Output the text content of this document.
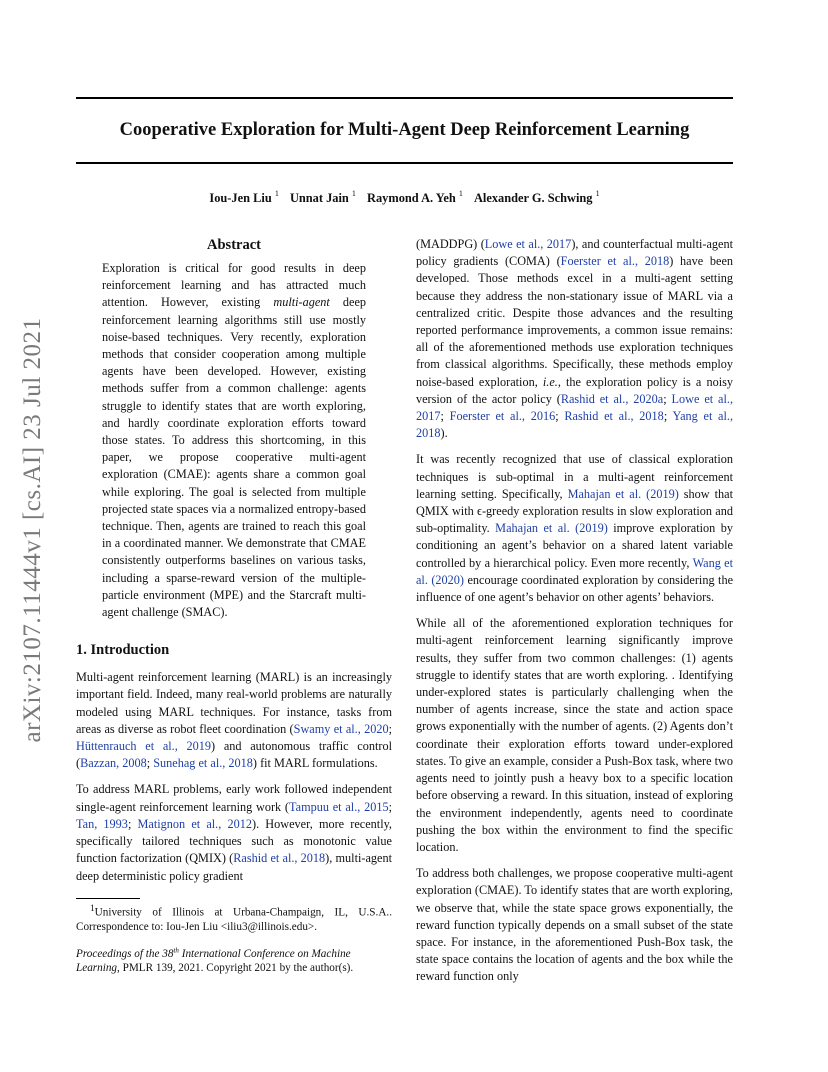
Cooperative Exploration for Multi-Agent Deep Reinforcement Learning
Iou-Jen Liu $^1$ Unnat Jain $^1$ Raymond A. Yeh $^1$ Alexander G. Schwing $^1$
arXiv:2107.11444v1 [cs.AI] 23 Jul 2021
Abstract

Exploration is critical for good results in deep reinforcement learning and has attracted much attention. However, existing multi-agent deep reinforcement learning algorithms still use mostly noise-based techniques. Very recently, exploration methods that consider cooperation among multiple agents have been developed. However, existing methods suffer from a common challenge: agents struggle to identify states that are worth exploring, and hardly coordinate exploration efforts toward those states. To address this shortcoming, in this paper, we propose cooperative multi-agent exploration (CMAE): agents share a common goal while exploring. The goal is selected from multiple projected state spaces via a normalized entropy-based technique. Then, agents are trained to reach this goal in a coordinated manner. We demonstrate that CMAE consistently outperforms baselines on various tasks, including a sparse-reward version of the multiple-particle environment (MPE) and the Starcraft multi-agent challenge (SMAC).

1. Introduction

Multi-agent reinforcement learning (MARL) is an increasingly important field. Indeed, many real-world problems are naturally modeled using MARL techniques. For instance, tasks from areas as diverse as robot fleet coordination (Swamy et al., 2020; Hüttenrauch et al., 2019) and autonomous traffic control (Bazzan, 2008; Sunehag et al., 2018) fit MARL formulations.

To address MARL problems, early work followed independent single-agent reinforcement learning work (Tampuu et al., 2015; Tan, 1993; Matignon et al., 2012). However, more recently, specifically tailored techniques such as monotonic value function factorization (QMIX) (Rashid et al., 2018), multi-agent deep deterministic policy gradient

$^1$University of Illinois at Urbana-Champaign, IL, U.S.A.. Correspondence to: Iou-Jen Liu <iliu3@illinois.edu>.
Proceedings of the 38th International Conference on Machine Learning, PMLR 139, 2021. Copyright 2021 by the author(s).

(MADDPG) (Lowe et al., 2017), and counterfactual multi-agent policy gradients (COMA) (Foerster et al., 2018) have been developed. Those methods excel in a multi-agent setting because they address the non-stationary issue of MARL via a centralized critic. Despite those advances and the resulting reported performance improvements, a common issue remains: all of the aforementioned methods use exploration techniques from classical algorithms. Specifically, these methods employ noise-based exploration, i.e., the exploration policy is a noisy version of the actor policy (Rashid et al., 2020a; Lowe et al., 2017; Foerster et al., 2016; Rashid et al., 2018; Yang et al., 2018).

It was recently recognized that use of classical exploration techniques is sub-optimal in a multi-agent reinforcement learning setting. Specifically, Mahajan et al. (2019) show that QMIX with ϵ-greedy exploration results in slow exploration and sub-optimality. Mahajan et al. (2019) improve exploration by conditioning an agent’s behavior on a shared latent variable controlled by a hierarchical policy. Even more recently, Wang et al. (2020) encourage coordinated exploration by considering the influence of one agent’s behavior on other agents’ behaviors.

While all of the aforementioned exploration techniques for multi-agent reinforcement learning significantly improve results, they suffer from two common challenges: (1) agents struggle to identify states that are worth exploring. . Identifying under-explored states is particularly challenging when the number of agents increase, since the state and action space grows exponentially with the number of agents. (2) Agents don’t coordinate their exploration efforts toward under-explored states. To give an example, consider a Push-Box task, where two agents need to jointly push a heavy box to a specific location before observing a reward. In this situation, instead of exploring the environment independently, agents need to coordinate pushing the box within the environment to find the specific location.

To address both challenges, we propose cooperative multi-agent exploration (CMAE). To identify states that are worth exploring, we observe that, while the state space grows exponentially, the reward function typically depends on a small subset of the state space. For instance, in the aforementioned Push-Box task, the state space contains the location of agents and the box while the reward function only
